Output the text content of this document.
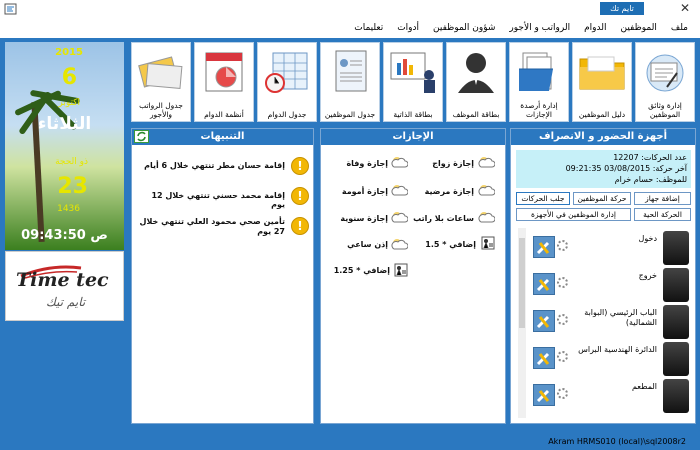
تايم تك	✕
ملف
الموظفين
الدوام
الرواتب و الأجور
شؤون الموظفين
أدوات
تعليمات
2015
6
اكتوبر
الثلاثاء
ذو الحجة
23
1436
09:43:50 ص
Time tec
تايم تيك
جدول الرواتب والأجور	أنظمة الدوام	جدول الدوام	جدول الموظفين	بطاقة الذاتية	بطاقة الموظف
إدارة أرصدة الإجازات	دليل الموظفين
إدارة وثائق الموظفين
التنبيهات
!
إقامة حسان مطر تنتهي خلال 6 أيام
!
إقامة محمد حسني تنتهي خلال 12 يوم
!
تأمين صحي محمود العلي تنتهي خلال 27 يوم
الإجازات
إجازة زواج
إجازة وفاة
إجازة مرضية
إجازة أمومة
ساعات بلا راتب
إجازة سنوية
إضافي * 1.5
إذن ساعي
إضافي * 1.25
أجهزة الحضور و الانصراف
عدد الحركات: 12207
آخر حركة: 03/08/2015 09:21:35
للموظف: حسام خرام
جلب الحركات	حركة الموظفين	إضافة جهاز
إدارة الموظفين في الأجهزة	الحركة الحية
دخول
خروج
الباب الرئيسي (البوابة الشمالية)
الدائرة الهندسية البراس
المطعم
Akram HRMS010 (local)\sql2008r2
